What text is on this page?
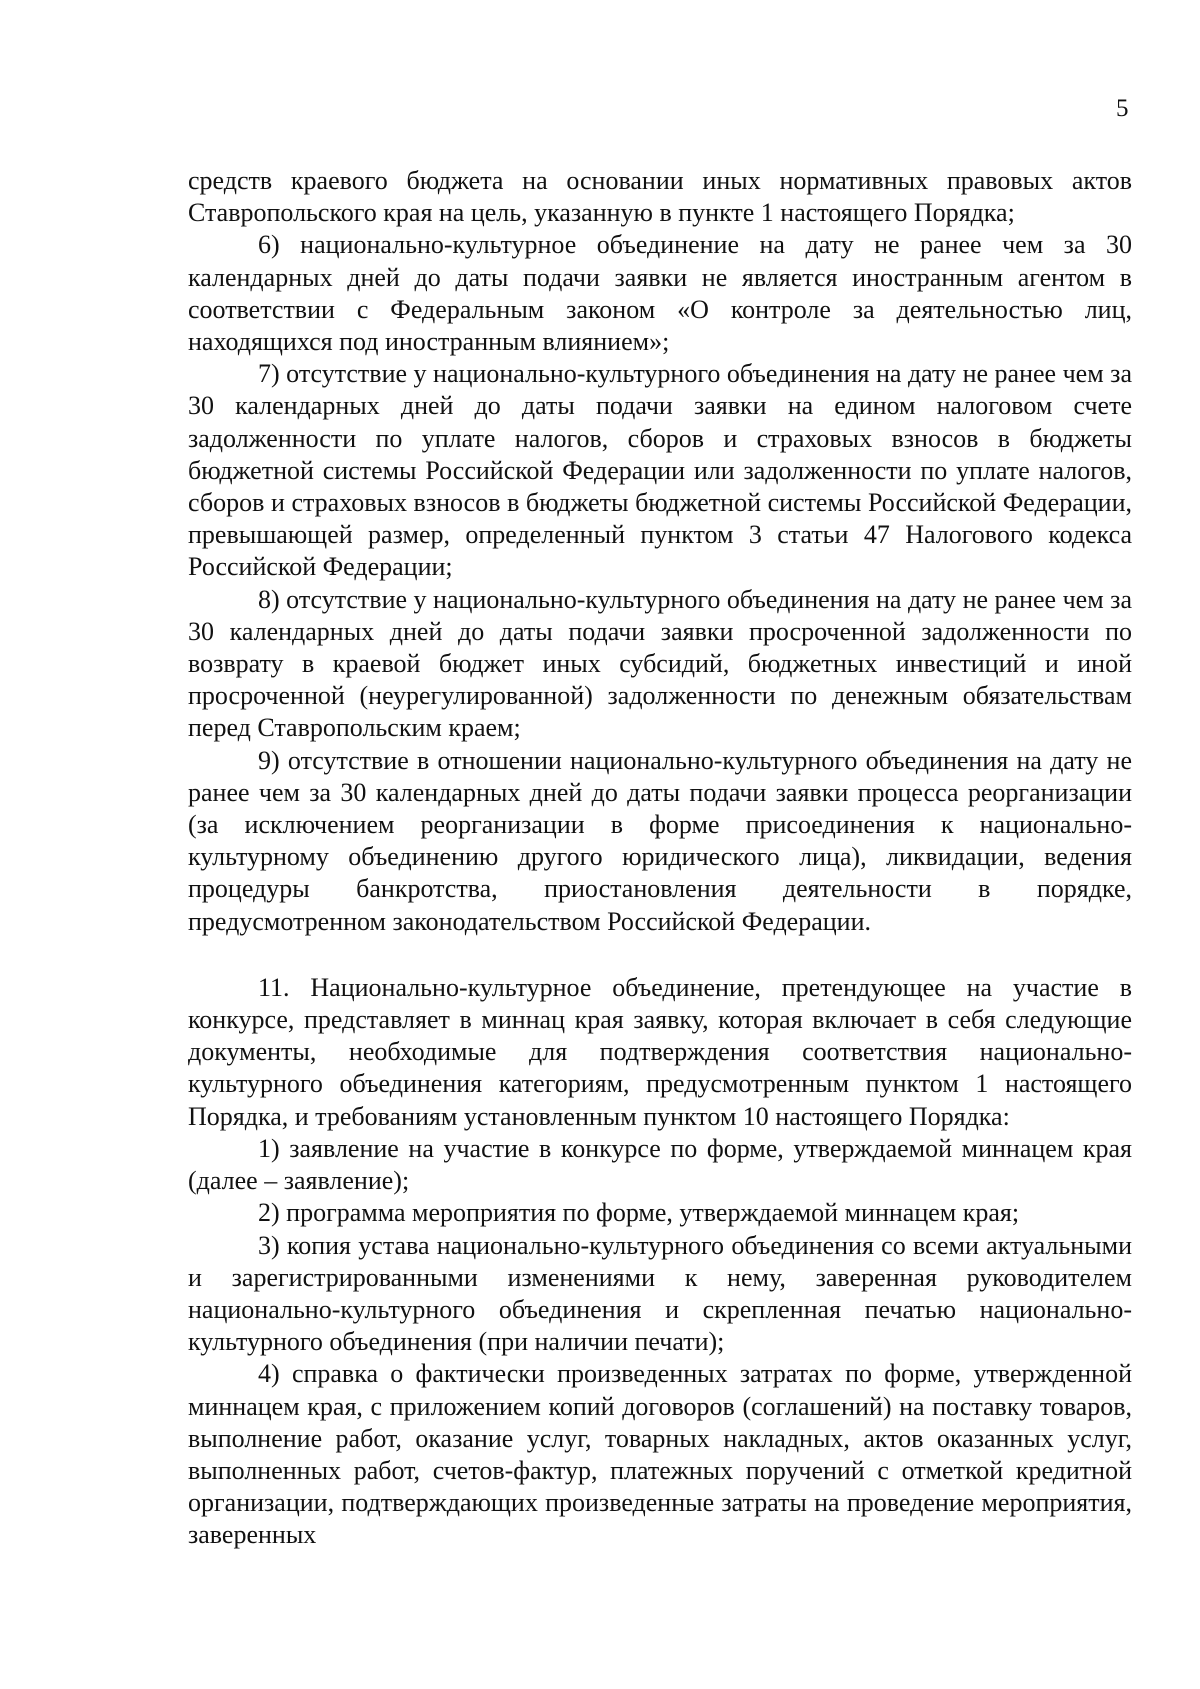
5

средств краевого бюджета на основании иных нормативных правовых актов Ставропольского края на цель, указанную в пункте 1 настоящего Порядка;

6) национально-культурное объединение на дату не ранее чем за 30 календарных дней до даты подачи заявки не является иностранным агентом в соответствии с Федеральным законом «О контроле за деятельностью лиц, находящихся под иностранным влиянием»;

7) отсутствие у национально-культурного объединения на дату не ранее чем за 30 календарных дней до даты подачи заявки на едином налоговом счете задолженности по уплате налогов, сборов и страховых взносов в бюджеты бюджетной системы Российской Федерации или задолженности по уплате налогов, сборов и страховых взносов в бюджеты бюджетной системы Российской Федерации, превышающей размер, определенный пунктом 3 статьи 47 Налогового кодекса Российской Федерации;

8) отсутствие у национально-культурного объединения на дату не ранее чем за 30 календарных дней до даты подачи заявки просроченной задолженности по возврату в краевой бюджет иных субсидий, бюджетных инвестиций и иной просроченной (неурегулированной) задолженности по денежным обязательствам перед Ставропольским краем;

9) отсутствие в отношении национально-культурного объединения на дату не ранее чем за 30 календарных дней до даты подачи заявки процесса реорганизации (за исключением реорганизации в форме присоединения к национально-культурному объединению другого юридического лица), ликвидации, ведения процедуры банкротства, приостановления деятельности в порядке, предусмотренном законодательством Российской Федерации.

11. Национально-культурное объединение, претендующее на участие в конкурсе, представляет в миннац края заявку, которая включает в себя следующие документы, необходимые для подтверждения соответствия национально-культурного объединения категориям, предусмотренным пунктом 1 настоящего Порядка, и требованиям установленным пунктом 10 настоящего Порядка:

1) заявление на участие в конкурсе по форме, утверждаемой миннацем края (далее – заявление);

2) программа мероприятия по форме, утверждаемой миннацем края;

3) копия устава национально-культурного объединения со всеми актуальными и зарегистрированными изменениями к нему, заверенная руководителем национально-культурного объединения и скрепленная печатью национально-культурного объединения (при наличии печати);

4) справка о фактически произведенных затратах по форме, утвержденной миннацем края, с приложением копий договоров (соглашений) на поставку товаров, выполнение работ, оказание услуг, товарных накладных, актов оказанных услуг, выполненных работ, счетов-фактур, платежных поручений с отметкой кредитной организации, подтверждающих произведенные затраты на проведение мероприятия, заверенных
